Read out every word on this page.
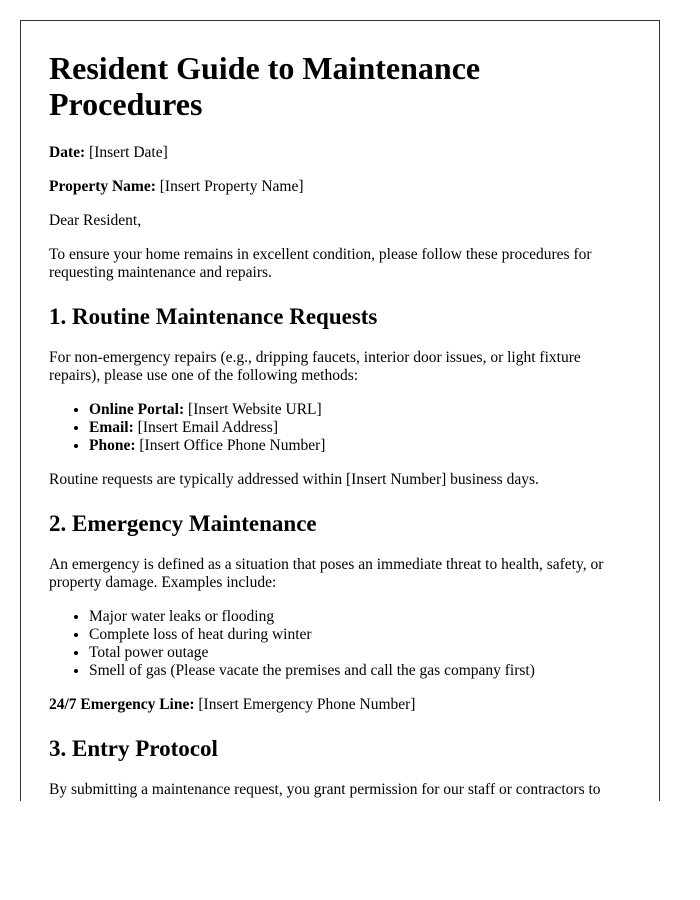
Resident Guide to Maintenance Procedures

Date: [Insert Date]

Property Name: [Insert Property Name]

Dear Resident,

To ensure your home remains in excellent condition, please follow these procedures for requesting maintenance and repairs.

1. Routine Maintenance Requests

For non-emergency repairs (e.g., dripping faucets, interior door issues, or light fixture repairs), please use one of the following methods:

• Online Portal: [Insert Website URL]
• Email: [Insert Email Address]
• Phone: [Insert Office Phone Number]

Routine requests are typically addressed within [Insert Number] business days.

2. Emergency Maintenance

An emergency is defined as a situation that poses an immediate threat to health, safety, or property damage. Examples include:

• Major water leaks or flooding
• Complete loss of heat during winter
• Total power outage
• Smell of gas (Please vacate the premises and call the gas company first)

24/7 Emergency Line: [Insert Emergency Phone Number]

3. Entry Protocol

By submitting a maintenance request, you grant permission for our staff or contractors to
